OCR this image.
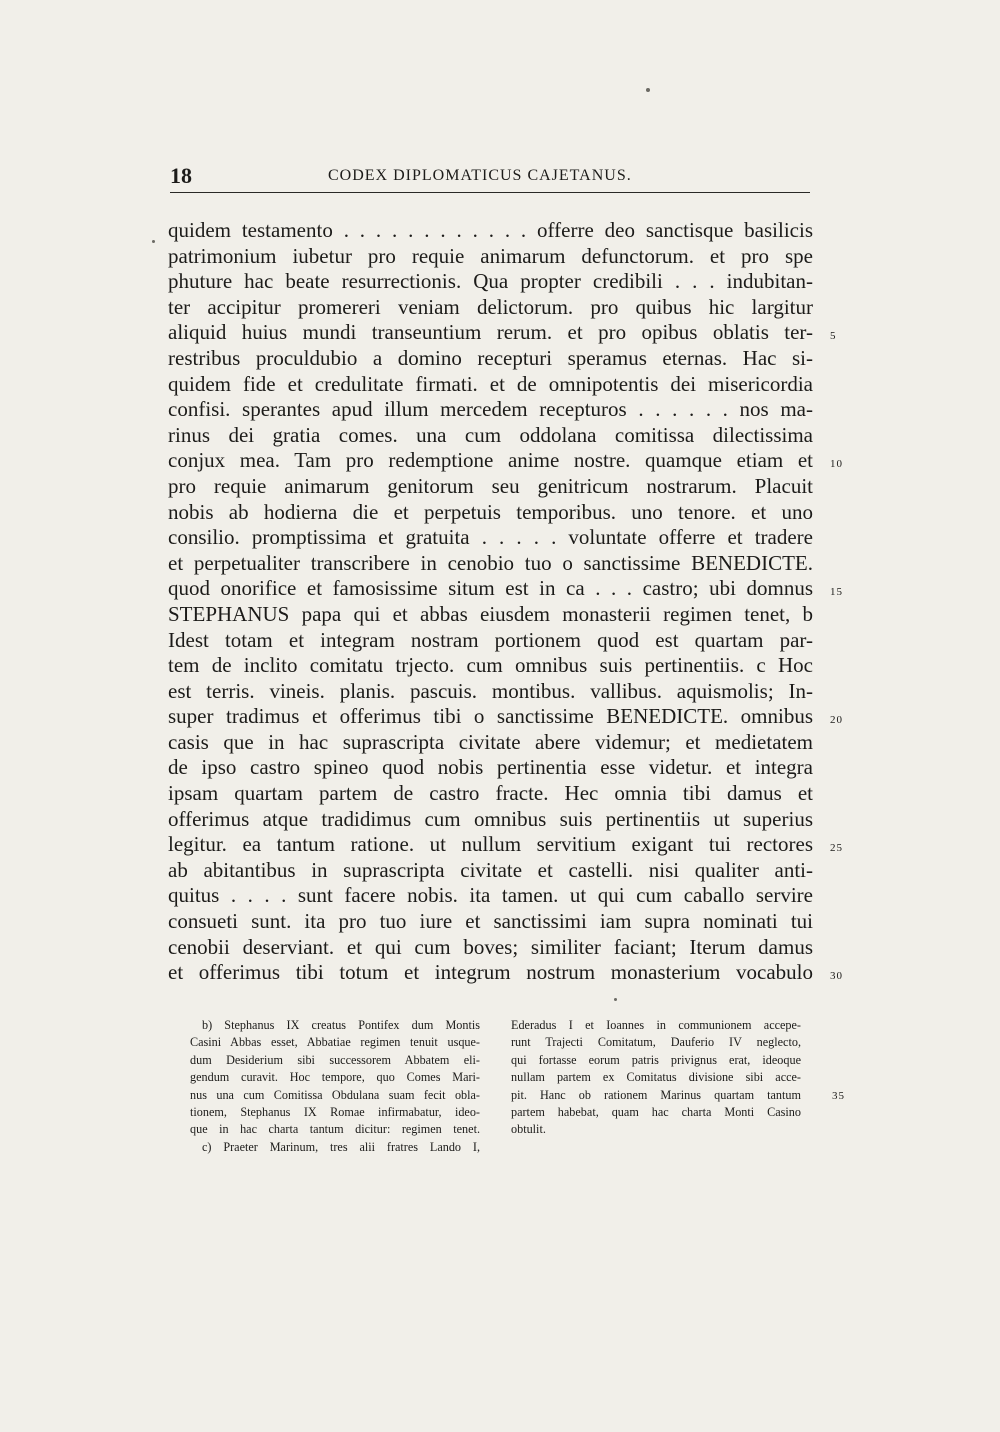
18	CODEX DIPLOMATICUS CAJETANUS.
quidem testamento . . . . . . . . . . . . offerre deo sanctisque basilicis
patrimonium iubetur pro requie animarum defunctorum. et pro spe
phuture hac beate resurrectionis. Qua propter credibili . . . indubitan-
ter accipitur promereri veniam delictorum. pro quibus hic largitur
aliquid huius mundi transeuntium rerum. et pro opibus oblatis ter-
restribus proculdubio a domino recepturi speramus eternas. Hac si-
quidem fide et credulitate firmati. et de omnipotentis dei misericordia
confisi. sperantes apud illum mercedem recepturos . . . . . . nos ma-
rinus dei gratia comes. una cum oddolana comitissa dilectissima
conjux mea. Tam pro redemptione anime nostre. quamque etiam et
pro requie animarum genitorum seu genitricum nostrarum. Placuit
nobis ab hodierna die et perpetuis temporibus. uno tenore. et uno
consilio. promptissima et gratuita . . . . . voluntate offerre et tradere
et perpetualiter transcribere in cenobio tuo o sanctissime BENEDICTE.
quod onorifice et famosissime situm est in ca . . . castro; ubi domnus
STEPHANUS papa qui et abbas eiusdem monasterii regimen tenet, b
Idest totam et integram nostram portionem quod est quartam par-
tem de inclito comitatu trjecto. cum omnibus suis pertinentiis. c Hoc
est terris. vineis. planis. pascuis. montibus. vallibus. aquismolis; In-
super tradimus et offerimus tibi o sanctissime BENEDICTE. omnibus
casis que in hac suprascripta civitate abere videmur; et medietatem
de ipso castro spineo quod nobis pertinentia esse videtur. et integra
ipsam quartam partem de castro fracte. Hec omnia tibi damus et
offerimus atque tradidimus cum omnibus suis pertinentiis ut superius
legitur. ea tantum ratione. ut nullum servitium exigant tui rectores
ab abitantibus in suprascripta civitate et castelli. nisi qualiter anti-
quitus . . . . sunt facere nobis. ita tamen. ut qui cum caballo servire
consueti sunt. ita pro tuo iure et sanctissimi iam supra nominati tui
cenobii deserviant. et qui cum boves; similiter faciant; Iterum damus
et offerimus tibi totum et integrum nostrum monasterium vocabulo
5
10
15
20
25
30
b) Stephanus IX creatus Pontifex dum Montis
Casini Abbas esset, Abbatiae regimen tenuit usque-
dum Desiderium sibi successorem Abbatem eli-
gendum curavit. Hoc tempore, quo Comes Mari-
nus una cum Comitissa Obdulana suam fecit obla-
tionem, Stephanus IX Romae infirmabatur, ideo-
que in hac charta tantum dicitur: regimen tenet.
c) Praeter Marinum, tres alii fratres Lando I,
Ederadus I et Ioannes in communionem accepe-
runt Trajecti Comitatum, Dauferio IV neglecto,
qui fortasse eorum patris privignus erat, ideoque
nullam partem ex Comitatus divisione sibi acce-
pit. Hanc ob rationem Marinus quartam tantum
partem habebat, quam hac charta Monti Casino
obtulit.
35
